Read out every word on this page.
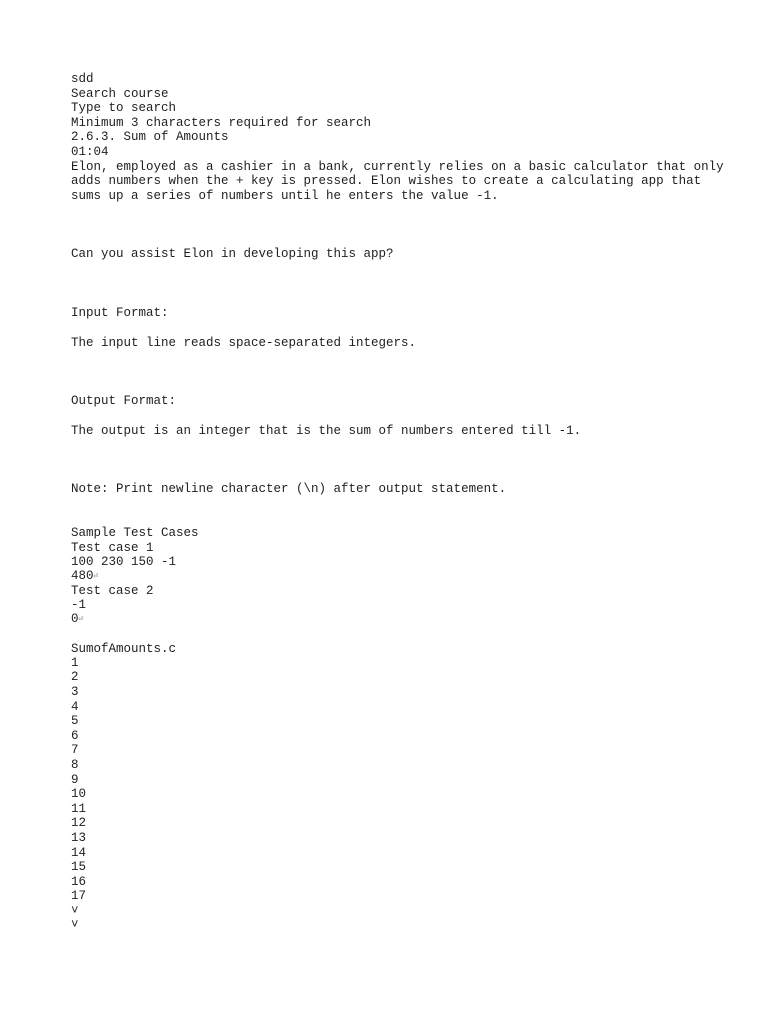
sdd
Search course
Type to search
Minimum 3 characters required for search
2.6.3. Sum of Amounts
01:04
Elon, employed as a cashier in a bank, currently relies on a basic calculator that only adds numbers when the + key is pressed. Elon wishes to create a calculating app that sums up a series of numbers until he enters the value -1.
Can you assist Elon in developing this app?
Input Format:
The input line reads space-separated integers.
Output Format:
The output is an integer that is the sum of numbers entered till -1.
Note: Print newline character (\n) after output statement.
Sample Test Cases
Test case 1
100 230 150 -1
480⏎
Test case 2
-1
0⏎
SumofAmounts.c
1
2
3
4
5
6
7
8
9
10
11
12
13
14
15
16
17
˅
˅
